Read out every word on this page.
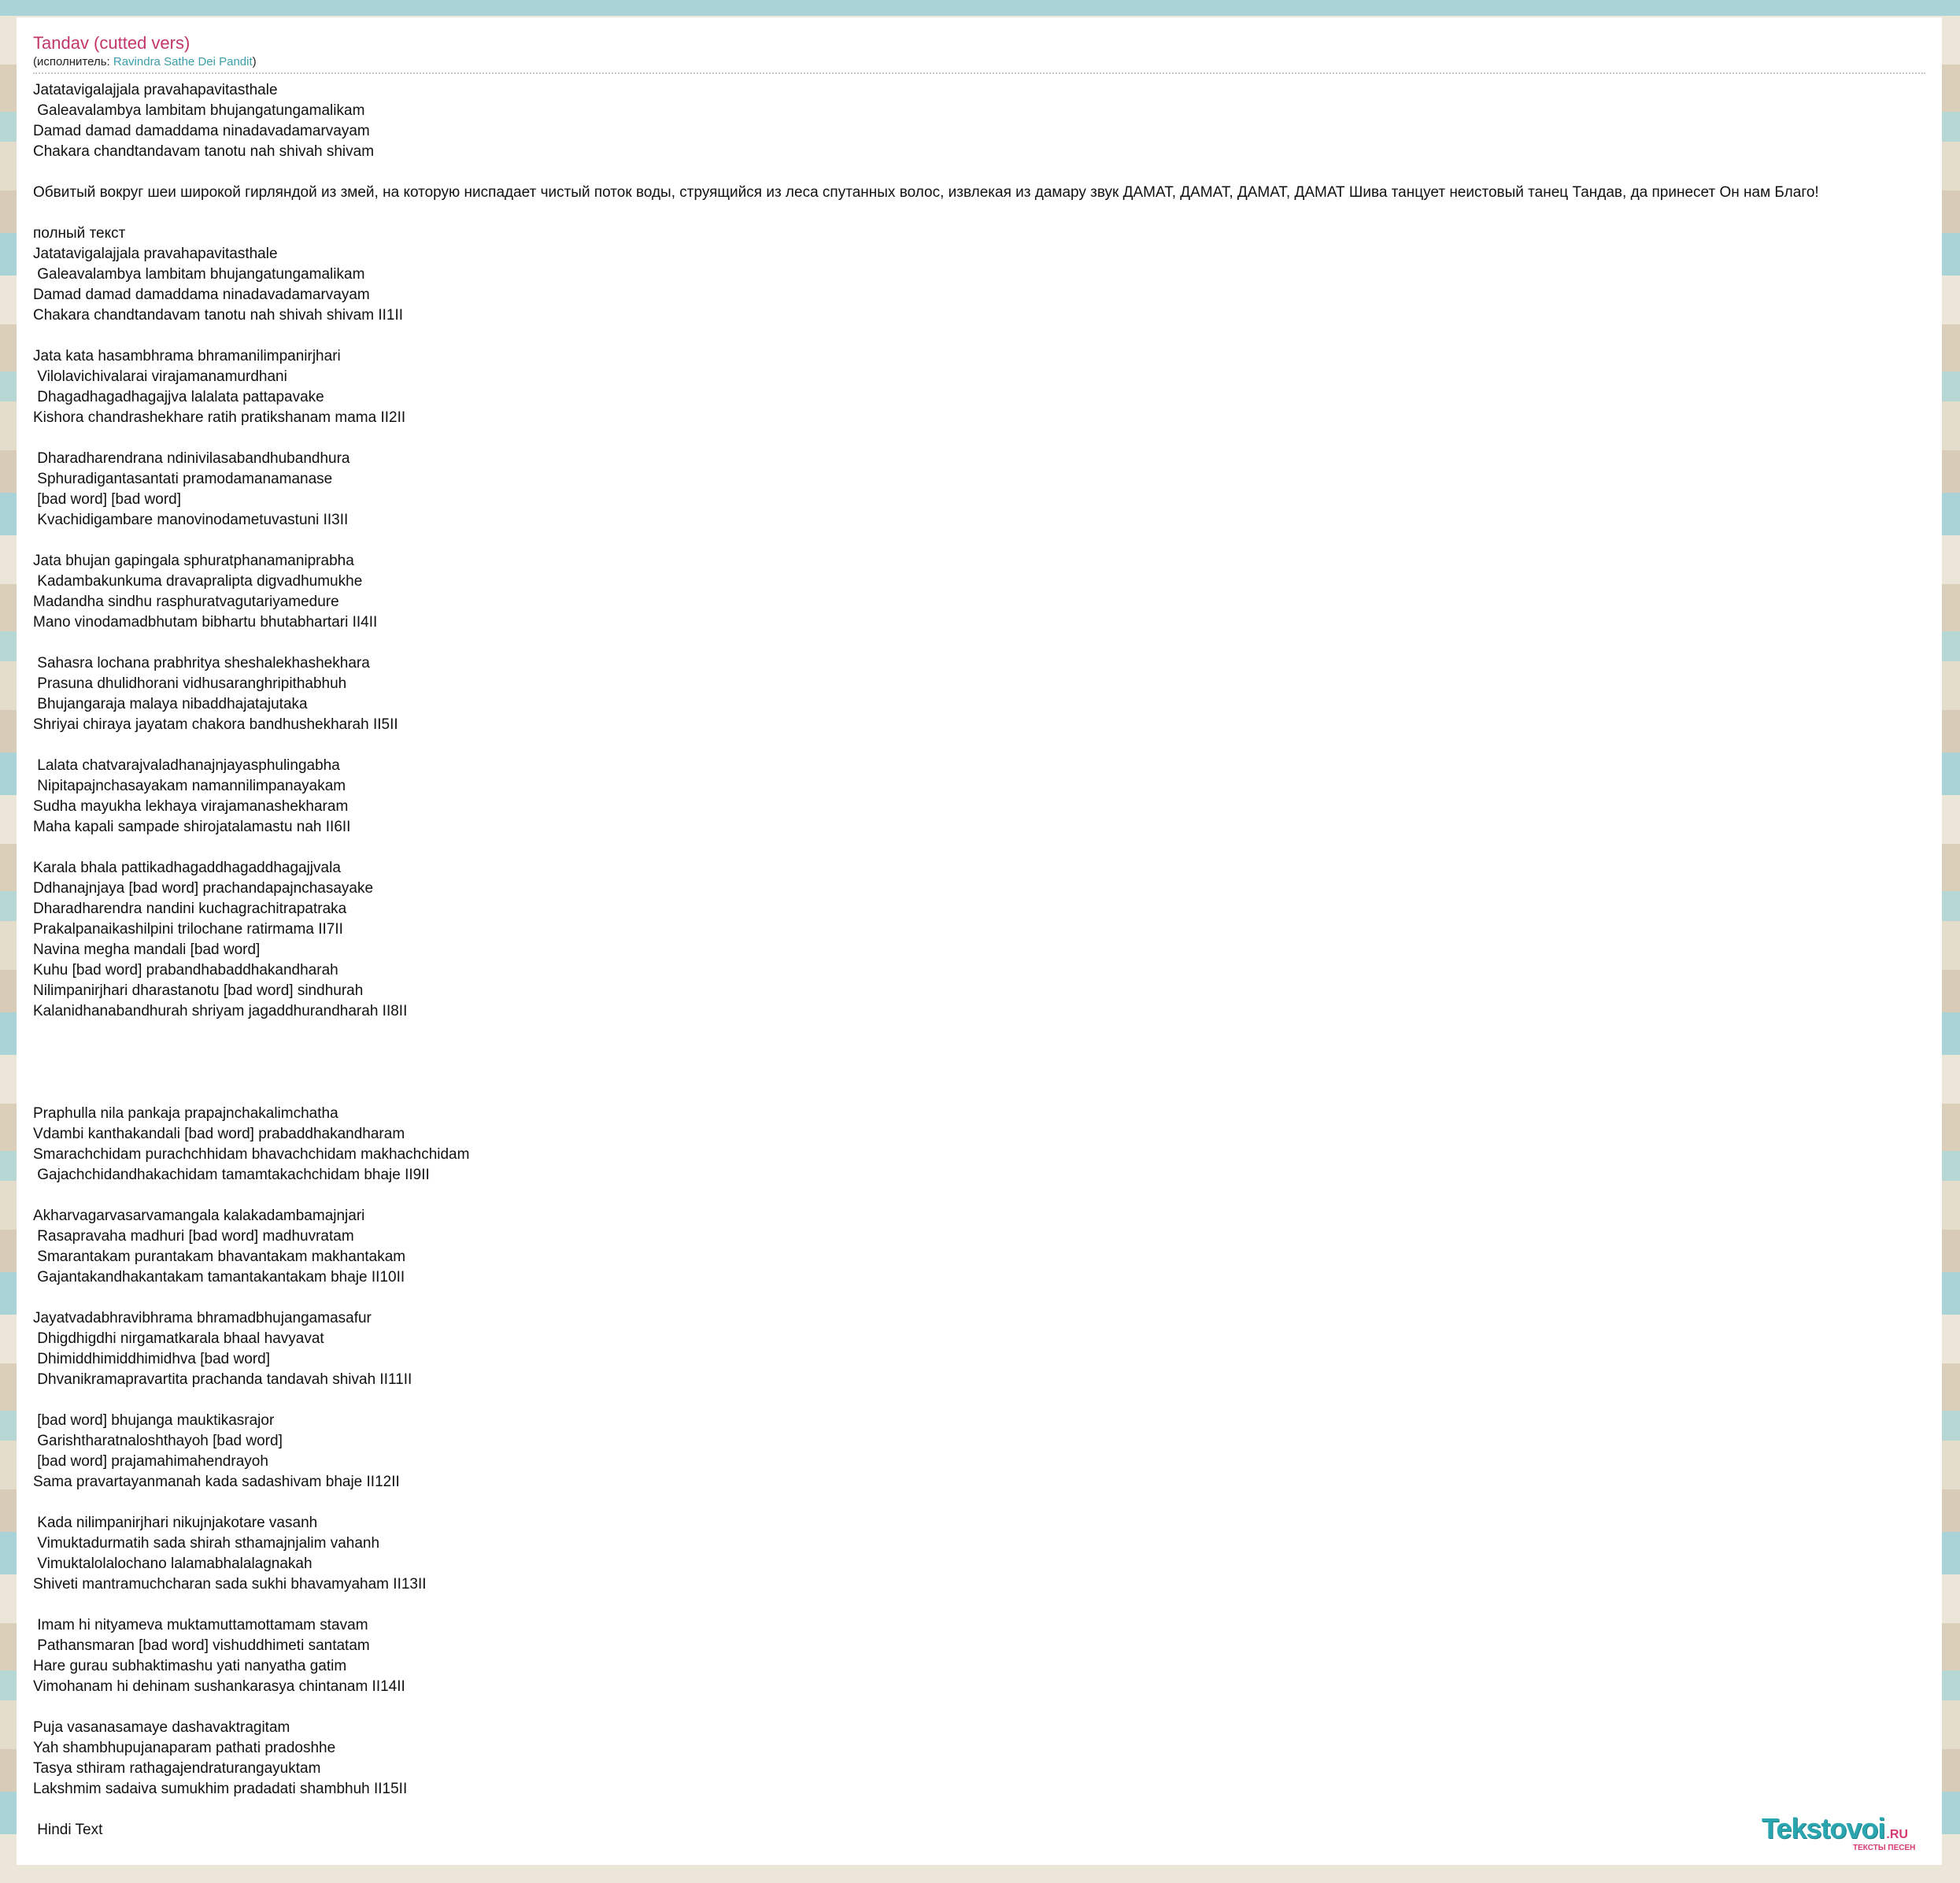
Tandav (cutted vers)
(исполнитель: Ravindra Sathe Dei Pandit)
Jatatavigalajjala pravahapavitasthale
Galeavalambya lambitam bhujangatungamalikam
Damad damad damaddama ninadavadamarvayam
Chakara chandtandavam tanotu nah shivah shivam

Обвитый вокруг шеи широкой гирляндой из змей, на которую ниспадает чистый поток воды, струящийся из леса спутанных волос, извлекая из дамару звук ДАМАТ, ДАМАТ, ДАМАТ, ДАМАТ Шива танцует неистовый танец Тандав, да принесет Он нам Благо!

полный текст
Jatatavigalajjala pravahapavitasthale
Galeavalambya lambitam bhujangatungamalikam
Damad damad damaddama ninadavadamarvayam
Chakara chandtandavam tanotu nah shivah shivam II1II

Jata kata hasambhrama bhramanilimpanirjhari
Vilolavichivalarai virajamanamurdhani
Dhagadhagadhagajjva lalalata pattapavake
Kishora chandrashekhare ratih pratikshanam mama II2II

Dharadharendrana ndinivilasabandhubandhura
Sphuradigantasantati pramodamanamanase
[bad word] [bad word]
Kvachidigambare manovinodametuvastuni II3II

Jata bhujan gapingala sphuratphanamaniprabha
Kadambakunkuma dravapralipta digvadhumukhe
Madandha sindhu rasphuratvagutariyamedure
Mano vinodamadbhutam bibhartu bhutabhartari II4II

Sahasra lochana prabhritya sheshalekhashekhara
Prasuna dhulidhorani vidhusaranghripithabhuh
Bhujangaraja malaya nibaddhajatajutaka
Shriyai chiraya jayatam chakora bandhushekharah II5II

Lalata chatvarajvaladhanajnjayasphulingabha
Nipitapajnchasayakam namannilimpanayakam
Sudha mayukha lekhaya virajamanashekharam
Maha kapali sampade shirojatalamastu nah II6II

Karala bhala pattikadhagaddhagaddhagajjvala
Ddhanajnjaya [bad word] prachandapajnchasayake
Dharadharendra nandini kuchagrachitrapatraka
Prakalpanaikashilpini trilochane ratirmama II7II
Navina megha mandali [bad word]
Kuhu [bad word] prabandhabaddhakandharah
Nilimpanirjhari dharastanotu [bad word] sindhurah
Kalanidhanabandhurah shriyam jagaddhurandharah II8II

Praphulla nila pankaja prapajnchakalimchatha
Vdambi kanthakandali [bad word] prabaddhakandharam
Smarachchidam purachchhidam bhavachchidam makhachchidam
Gajachchidandhakachidam tamamtakachchidam bhaje II9II

Akharvagarvasarvamangala kalakadambamajnjari
Rasapravaha madhuri [bad word] madhuvratam
Smarantakam purantakam bhavantakam makhantakam
Gajantakandhakantakam tamantakantakam bhaje II10II

Jayatvadabhravibhrama bhramadbhujangamasafur
Dhigdhigdhi nirgamatkarala bhaal havyavat
Dhimiddhimiddhimidhva [bad word]
Dhvanikramapravartita prachanda tandavah shivah II11II

[bad word] bhujanga mauktikasrajor
Garishtharatnaloshthayoh [bad word]
[bad word] prajamahimahendrayoh
Sama pravartayanmanah kada sadashivam bhaje II12II

Kada nilimpanirjhari nikujnjakotare vasanh
Vimuktadurmatih sada shirah sthamajnjalim vahanh
Vimuktalolalochano lalamabhalalagnakah
Shiveti mantramuchcharan sada sukhi bhavamyaham II13II

Imam hi nityameva muktamuttamottamam stavam
Pathansmaran [bad word] vishuddhimeti santatam
Hare gurau subhaktimashu yati nanyatha gatim
Vimohanam hi dehinam sushankarasya chintanam II14II

Puja vasanasamaye dashavaktragitam
Yah shambhupujanaparam pathati pradoshhe
Tasya sthiram rathagajendraturangayuktam
Lakshmim sadaiva sumukhim pradadati shambhuh II15II

Hindi Text	Tekstovoi .RU
ТЕКСТЫ ПЕСЕН
